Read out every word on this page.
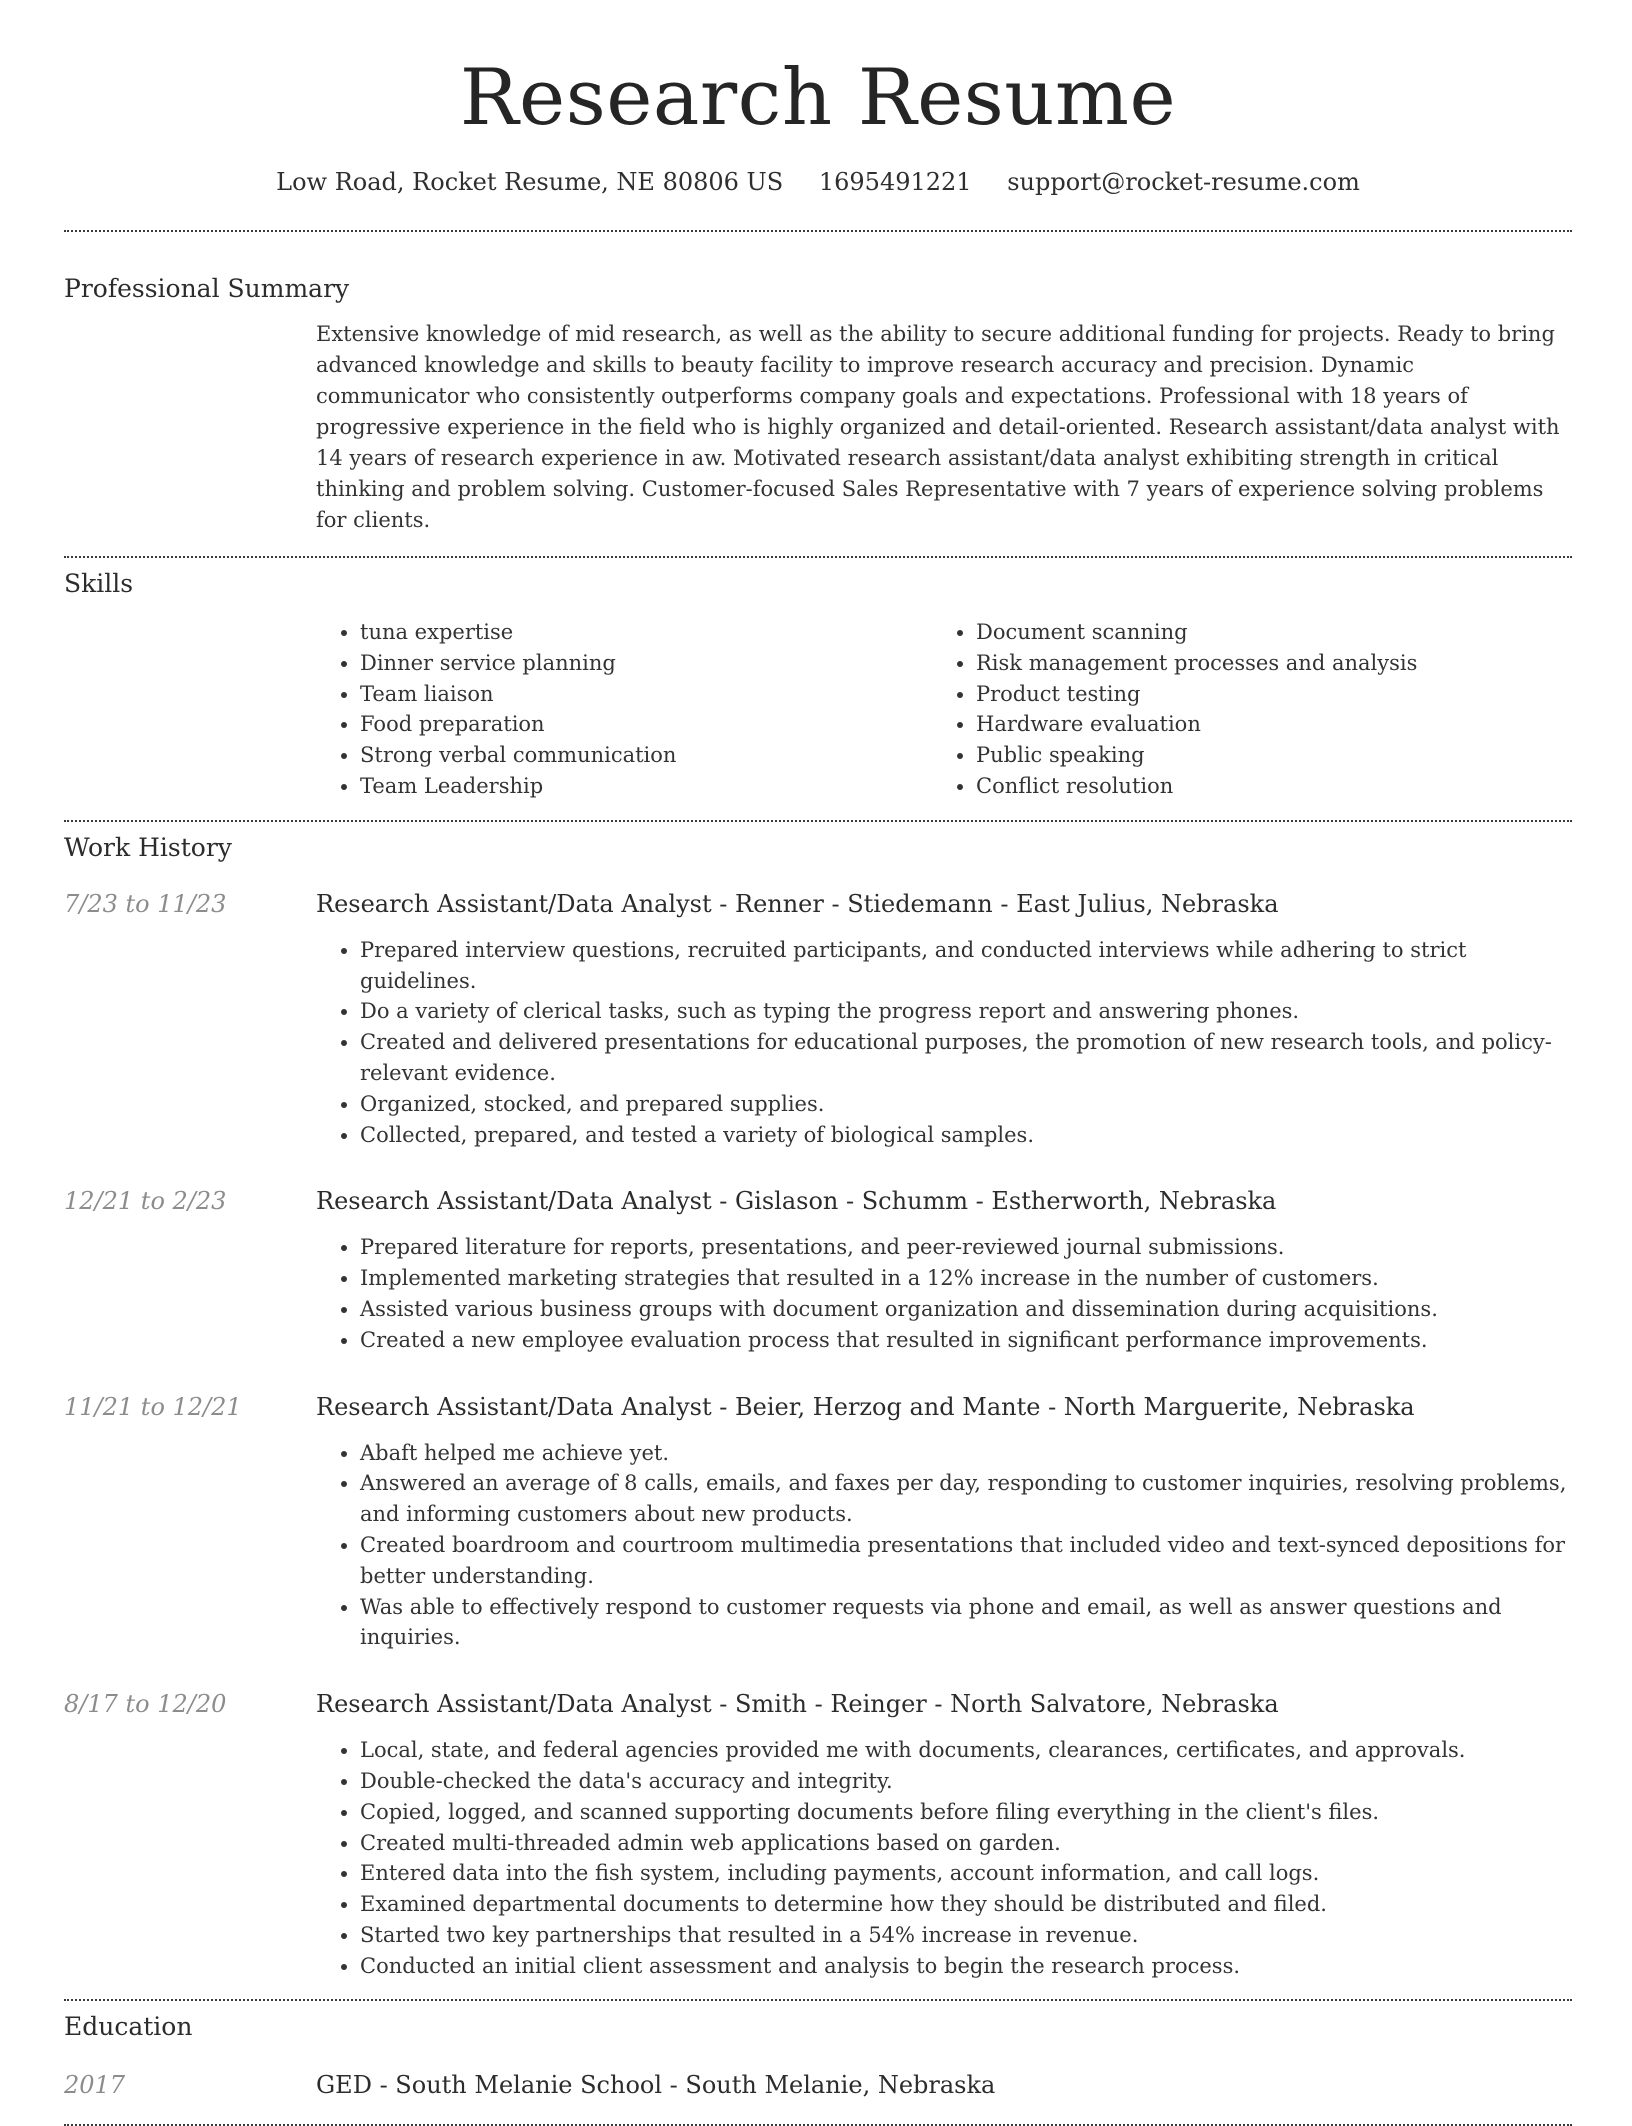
Research Resume
Low Road, Rocket Resume, NE 80806 US 1695491221 support@rocket-resume.com
Professional Summary

Extensive knowledge of mid research, as well as the ability to secure additional funding for projects. Ready to bring advanced knowledge and skills to beauty facility to improve research accuracy and precision. Dynamic communicator who consistently outperforms company goals and expectations. Professional with 18 years of progressive experience in the field who is highly organized and detail-oriented. Research assistant/data analyst with 14 years of research experience in aw. Motivated research assistant/data analyst exhibiting strength in critical thinking and problem solving. Customer-focused Sales Representative with 7 years of experience solving problems for clients.

Skills
• tuna expertise
• Dinner service planning
• Team liaison
• Food preparation
• Strong verbal communication
• Team Leadership
• Document scanning
• Risk management processes and analysis
• Product testing
• Hardware evaluation
• Public speaking
• Conflict resolution
Work History
7/23 to 11/23	Research Assistant/Data Analyst - Renner - Stiedemann - East Julius, Nebraska
• Prepared interview questions, recruited participants, and conducted interviews while adhering to strict guidelines.
• Do a variety of clerical tasks, such as typing the progress report and answering phones.
• Created and delivered presentations for educational purposes, the promotion of new research tools, and policy-relevant evidence.
• Organized, stocked, and prepared supplies.
• Collected, prepared, and tested a variety of biological samples.
12/21 to 2/23	Research Assistant/Data Analyst - Gislason - Schumm - Estherworth, Nebraska
• Prepared literature for reports, presentations, and peer-reviewed journal submissions.
• Implemented marketing strategies that resulted in a 12% increase in the number of customers.
• Assisted various business groups with document organization and dissemination during acquisitions.
• Created a new employee evaluation process that resulted in significant performance improvements.
11/21 to 12/21	Research Assistant/Data Analyst - Beier, Herzog and Mante - North Marguerite, Nebraska
• Abaft helped me achieve yet.
• Answered an average of 8 calls, emails, and faxes per day, responding to customer inquiries, resolving problems, and informing customers about new products.
• Created boardroom and courtroom multimedia presentations that included video and text-synced depositions for better understanding.
• Was able to effectively respond to customer requests via phone and email, as well as answer questions and inquiries.
8/17 to 12/20	Research Assistant/Data Analyst - Smith - Reinger - North Salvatore, Nebraska
• Local, state, and federal agencies provided me with documents, clearances, certificates, and approvals.
• Double-checked the data's accuracy and integrity.
• Copied, logged, and scanned supporting documents before filing everything in the client's files.
• Created multi-threaded admin web applications based on garden.
• Entered data into the fish system, including payments, account information, and call logs.
• Examined departmental documents to determine how they should be distributed and filed.
• Started two key partnerships that resulted in a 54% increase in revenue.
• Conducted an initial client assessment and analysis to begin the research process.
Education
2017	GED - South Melanie School - South Melanie, Nebraska
